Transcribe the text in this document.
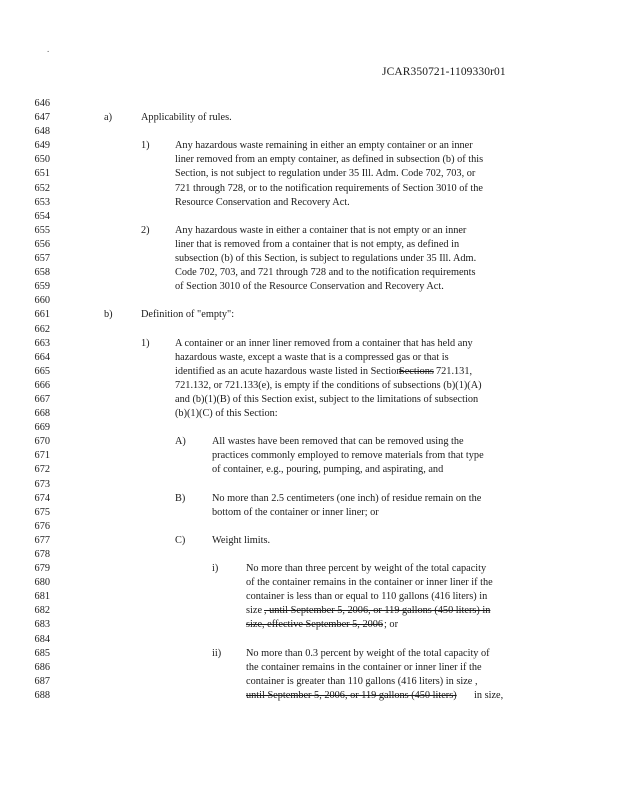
.
JCAR350721-1109330r01
646
647	a)	Applicability of rules.
648
649	1) Any hazardous waste remaining in either an empty container or an inner
650	liner removed from an empty container, as defined in subsection (b) of this
651	Section, is not subject to regulation under 35 Ill. Adm. Code 702, 703, or
652	721 through 728, or to the notification requirements of Section 3010 of the
653	Resource Conservation and Recovery Act.
654
655	2) Any hazardous waste in either a container that is not empty or an inner
656	liner that is removed from a container that is not empty, as defined in
657	subsection (b) of this Section, is subject to regulations under 35 Ill. Adm.
658	Code 702, 703, and 721 through 728 and to the notification requirements
659	of Section 3010 of the Resource Conservation and Recovery Act.
660
661	b)	Definition of "empty":
662
663	1) A container or an inner liner removed from a container that has held any
664	hazardous waste, except a waste that is a compressed gas or that is
665	identified as an acute hazardous waste listed in Section
Sections 721.131,
666	721.132, or 721.133(e), is empty if the conditions of subsections (b)(1)(A)
667	and (b)(1)(B) of this Section exist, subject to the limitations of subsection
668	(b)(1)(C) of this Section:
669
670	A)	All wastes have been removed that can be removed using the
671	practices commonly employed to remove materials from that type
672	of container, e.g., pouring, pumping, and aspirating, and
673
674	B)	No more than 2.5 centimeters (one inch) of residue remain on the
675	bottom of the container or inner liner; or
676
677	C)	Weight limits.
678
679	i)	No more than three percent by weight of the total capacity
680	of the container remains in the container or inner liner if the
681	container is less than or equal to 110 gallons (416 liters) in
682	size , until September 5, 2006, or 119 gallons (450 liters) in
683	size, effective September 5, 2006 ; or
684
685	ii) No more than 0.3 percent by weight of the total capacity of
686	the container remains in the container or inner liner if the
687	container is greater than 110 gallons (416 liters) in size ,
688	until September 5, 2006, or 119 gallons (450 liters) in size,
